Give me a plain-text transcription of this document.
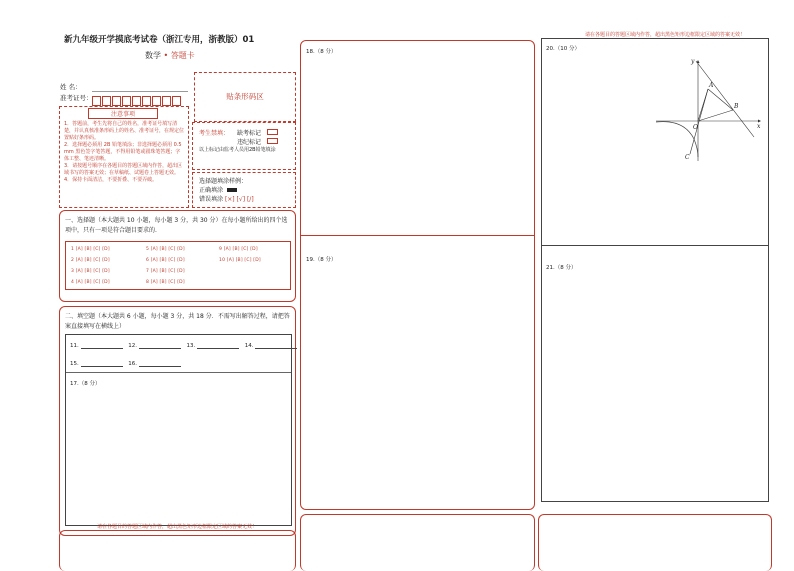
新九年级开学摸底考试卷（浙江专用，浙教版）01
数学 • 答题卡
姓 名：
准考证号：	贴条形码区
注意事项
1．答题前，考生先将自己的姓名，准考证号填写清楚，并认真核准条形码上的姓名、准考证号，在规定位置贴好条形码。
2．选择题必须用 2B 铅笔填涂；非选择题必须用 0.5 mm 黑色签字笔答题，不得用铅笔或圆珠笔答题；字体工整、笔迹清晰。
3．请按题号顺序在各题目的答题区域内作答，超出区域书写的答案无效；在草稿纸、试题卷上答题无效。
4．保持卡面清洁，不要折叠、不要弄破。
考生禁填： 缺考标记
违纪标记
以上标记由监考人员用2B铅笔填涂
选择题填涂样例：
正确填涂
错误填涂 [×] [√] [/]
一、选择题（本大题共 10 小题，每小题 3 分，共 30 分）在每小题所给出的四个选项中，只有一项是符合题目要求的.
1 [A] [B] [C] [D]	5 [A] [B] [C] [D]	9 [A] [B] [C] [D]
2 [A] [B] [C] [D]	6 [A] [B] [C] [D]	10 [A] [B] [C] [D]
3 [A] [B] [C] [D]	7 [A] [B] [C] [D]
4 [A] [B] [C] [D]	8 [A] [B] [C] [D]
二、填空题（本大题共 6 小题，每小题 3 分，共 18 分．不需写出解答过程，请把答案直接填写在横线上）
11.	12.	13.	14.
15.	16.
17.（8 分）
请在各题目的答题区域内作答，超出黑色矩形边框限定区域的答案无效！
18.（8 分）
19.（8 分）
请在各题目的答题区域内作答，超出黑色矩形边框限定区域的答案无效！
20.（10 分）
y
x
O
A
B
C
21.（8 分）
